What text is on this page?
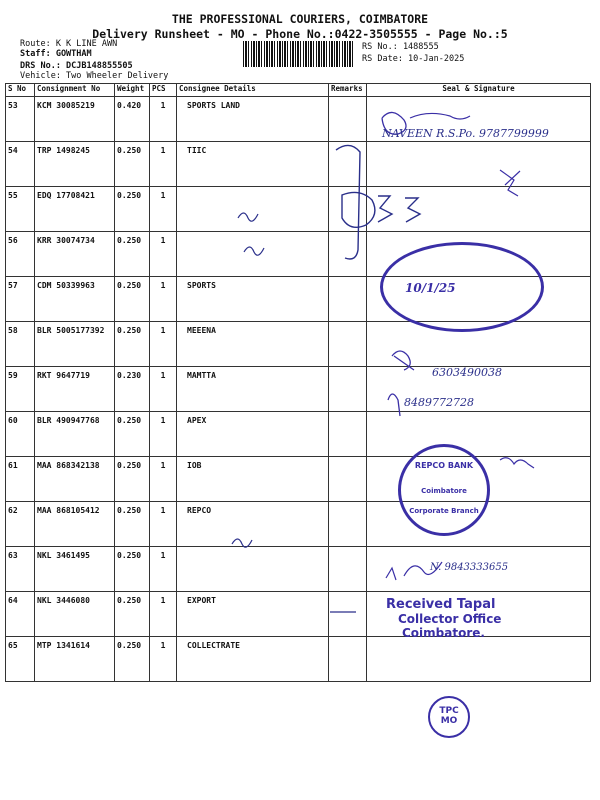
THE PROFESSIONAL COURIERS, COIMBATORE
Delivery Runsheet - MO - Phone No.:0422-3505555 - Page No.:5
Route: K K LINE AWN
Staff: GOWTHAM
DRS No.: DCJB148855505
Vehicle: Two Wheeler Delivery
RS No.: 1488555
RS Date: 10-Jan-2025
S No	Consignment No	Weight	PCS	Consignee Details	Remarks	Seal & Signature
53	KCM 30085219	0.420	1	SPORTS LAND		
54	TRP 1498245	0.250	1	TIIC		
55	EDQ 17708421	0.250	1			
56	KRR 30074734	0.250	1			
57	CDM 50339963	0.250	1	SPORTS		
58	BLR 5005177392	0.250	1	MEEENA		
59	RKT 9647719	0.230	1	MAMTTA		
60	BLR 490947768	0.250	1	APEX		
61	MAA 868342138	0.250	1	IOB		
62	MAA 868105412	0.250	1	REPCO		
63	NKL 3461495	0.250	1			
64	NKL 3446080	0.250	1	EXPORT		
65	MTP 1341614	0.250	1	COLLECTRATE		
NAVEEN R.S.Po. 9787799999
6303490038
8489772728
N. 9843333655
10/1/25
REPCO BANK
Coimbatore
Corporate Branch
Received Tapal
Collector Office
Coimbatore.
TPC MO
